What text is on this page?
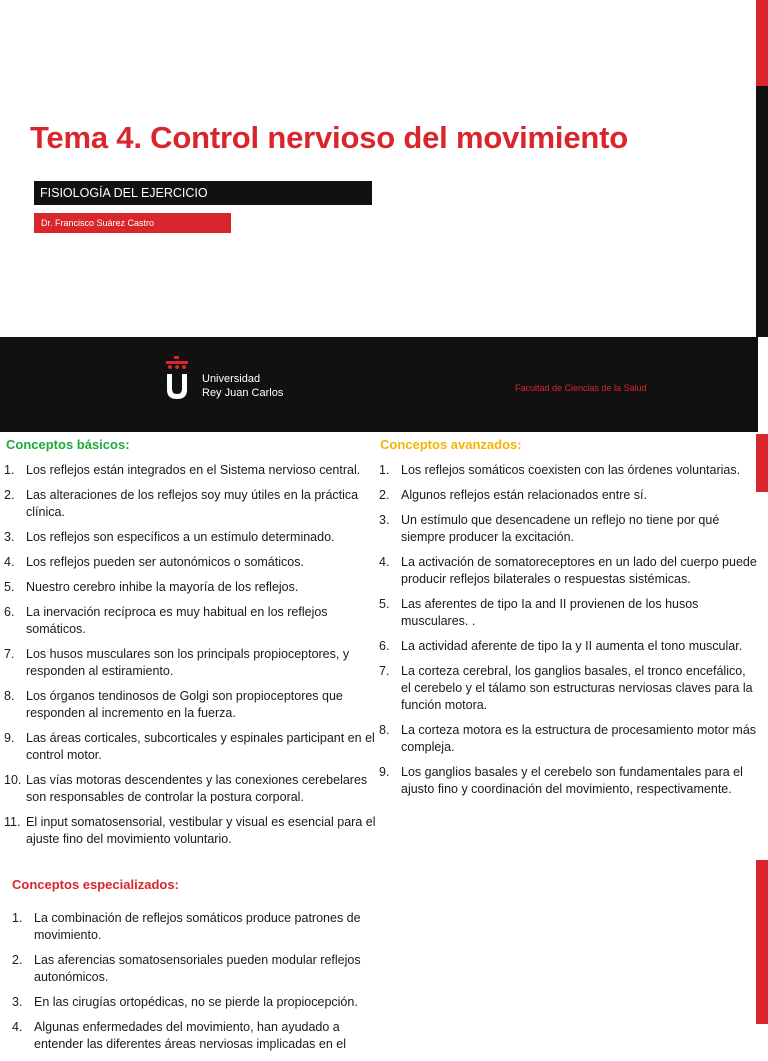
Tema 4. Control nervioso del movimiento
FISIOLOGÍA DEL EJERCICIO
Dr. Francisco Suárez Castro
Universidad
Rey Juan Carlos	Facultad de Ciencias de la Salud
Conceptos básicos:
1. Los reflejos están integrados en el Sistema nervioso central.
2. Las alteraciones de los reflejos soy muy útiles en la práctica clínica.
3. Los reflejos son específicos a un estímulo determinado.
4. Los reflejos pueden ser autonómicos o somáticos.
5. Nuestro cerebro inhibe la mayoría de los reflejos.
6. La inervación recíproca es muy habitual en los reflejos somáticos.
7. Los husos musculares son los principals propioceptores, y responden al estiramiento.
8. Los órganos tendinosos de Golgi son propioceptores que responden al incremento en la fuerza.
9. Las áreas corticales, subcorticales y espinales participant en el control motor.
10. Las vías motoras descendentes y las conexiones cerebelares son responsables de controlar la postura corporal.
11. El input somatosensorial, vestibular y visual es esencial para el ajuste fino del movimiento voluntario.
Conceptos avanzados:
1. Los reflejos somáticos coexisten con las órdenes voluntarias.
2. Algunos reflejos están relacionados entre sí.
3. Un estímulo que desencadene un reflejo no tiene por qué siempre producer la excitación.
4. La activación de somatoreceptores en un lado del cuerpo puede producir reflejos bilaterales o respuestas sistémicas.
5. Las aferentes de tipo Ia and II provienen de los husos musculares. .
6. La actividad aferente de tipo Ia y II aumenta el tono muscular.
7. La corteza cerebral, los ganglios basales, el tronco encefálico, el cerebelo y el tálamo son estructuras nerviosas claves para la función motora.
8. La corteza motora es la estructura de procesamiento motor más compleja.
9. Los ganglios basales y el cerebelo son fundamentales para el ajusto fino y coordinación del movimiento, respectivamente.
Conceptos especializados:
1. La combinación de reflejos somáticos produce patrones de movimiento.
2. Las aferencias somatosensoriales pueden modular reflejos autonómicos.
3. En las cirugías ortopédicas, no se pierde la propiocepción.
4. Algunas enfermedades del movimiento, han ayudado a entender las diferentes áreas nerviosas implicadas en el
